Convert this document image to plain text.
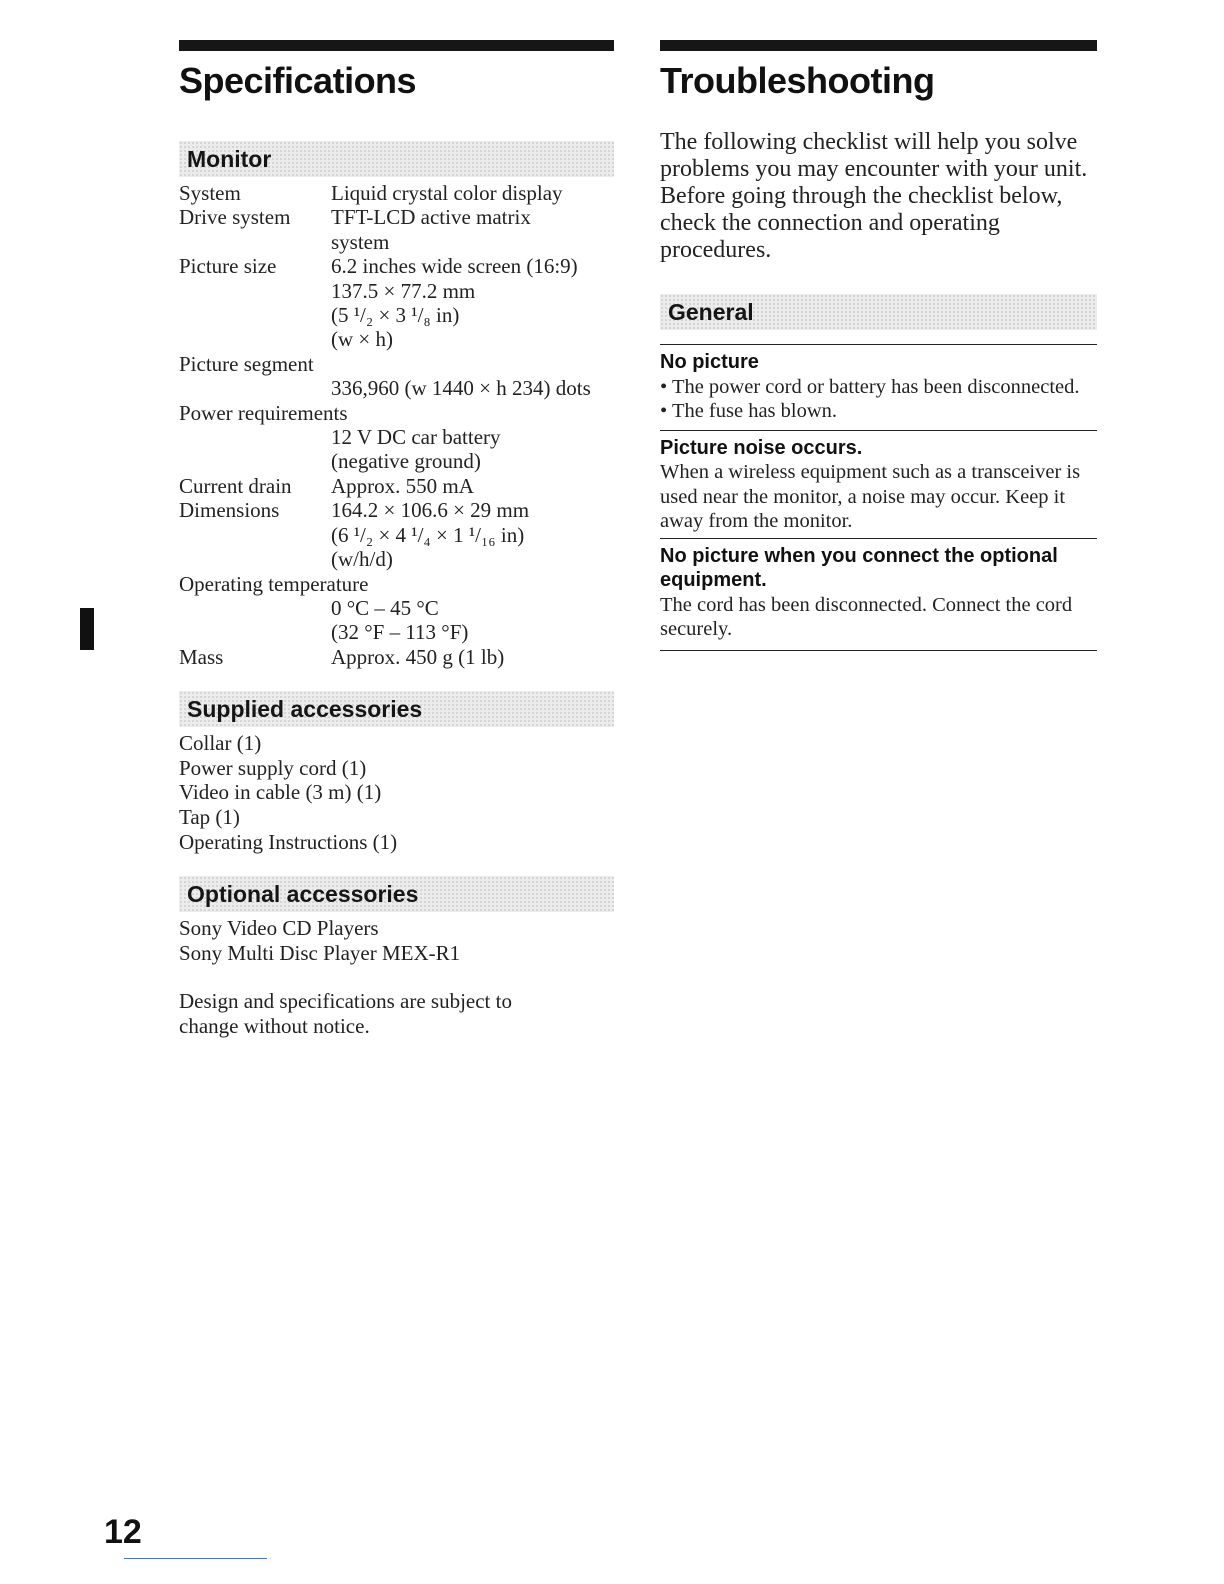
Specifications
Monitor
System	Liquid crystal color display
Drive system	TFT-LCD active matrix
system
Picture size	6.2 inches wide screen (16:9)
137.5 × 77.2 mm
(5 ¹/₂ × 3 ¹/₈ in)
(w × h)
Picture segment
336,960 (w 1440 × h 234) dots
Power requirements
12 V DC car battery
(negative ground)
Current drain	Approx. 550 mA
Dimensions	164.2 × 106.6 × 29 mm
(6 ¹/₂ × 4 ¹/₄ × 1 ¹/₁₆ in)
(w/h/d)
Operating temperature
0 °C – 45 °C
(32 °F – 113 °F)
Mass	Approx. 450 g (1 lb)
Supplied accessories
Collar (1)
Power supply cord (1)
Video in cable (3 m) (1)
Tap (1)
Operating Instructions (1)
Optional accessories
Sony Video CD Players
Sony Multi Disc Player MEX-R1
Design and specifications are subject to change without notice.
Troubleshooting
The following checklist will help you solve problems you may encounter with your unit.
Before going through the checklist below, check the connection and operating procedures.
General
No picture
• The power cord or battery has been disconnected.
• The fuse has blown.
Picture noise occurs.
When a wireless equipment such as a transceiver is used near the monitor, a noise may occur. Keep it away from the monitor.
No picture when you connect the optional equipment.
The cord has been disconnected. Connect the cord securely.
12
